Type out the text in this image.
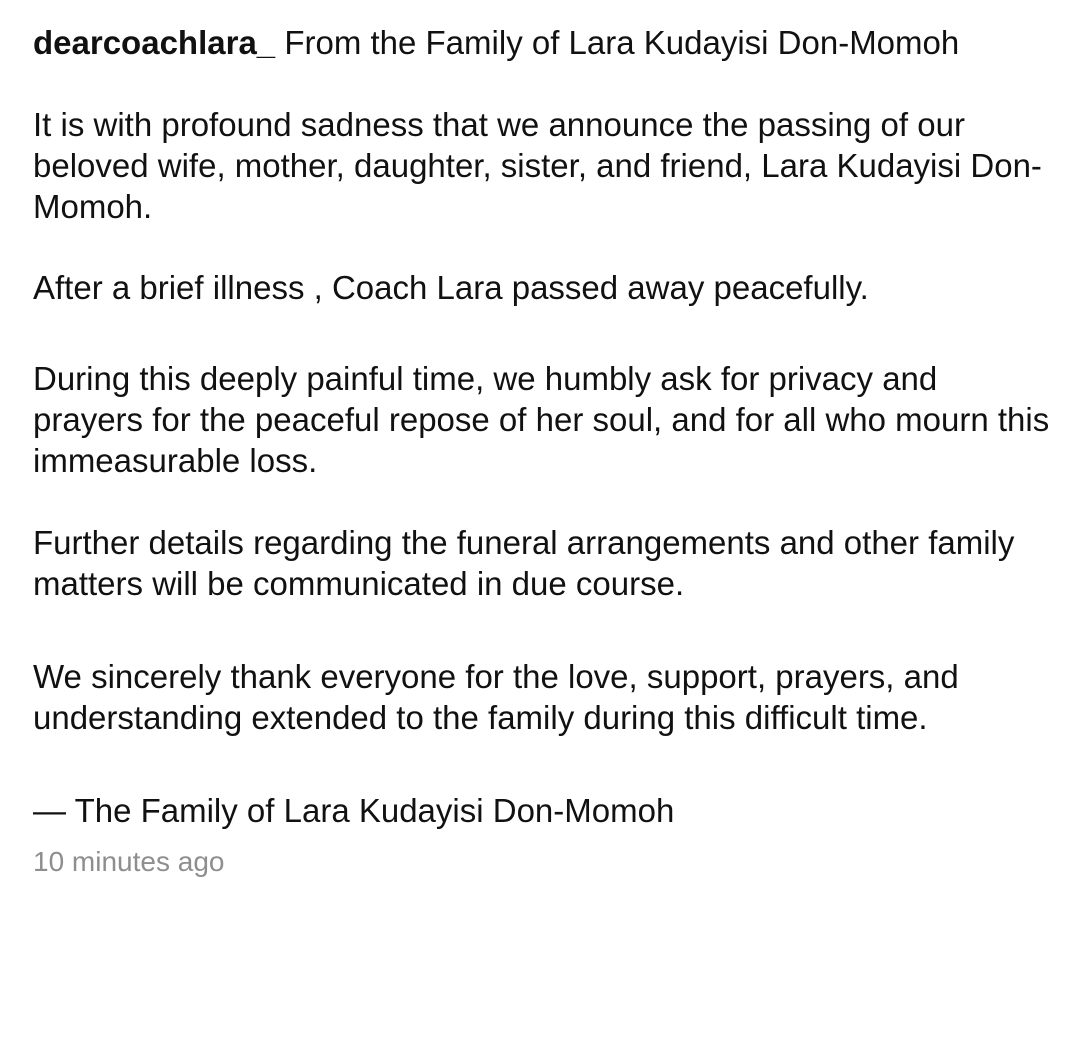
dearcoachlara_ From the Family of Lara Kudayisi Don-Momoh

It is with profound sadness that we announce the passing of our beloved wife, mother, daughter, sister, and friend, Lara Kudayisi Don-Momoh.

After a brief illness , Coach Lara passed away peacefully.

During this deeply painful time, we humbly ask for privacy and prayers for the peaceful repose of her soul, and for all who mourn this immeasurable loss.

Further details regarding the funeral arrangements and other family matters will be communicated in due course.

We sincerely thank everyone for the love, support, prayers, and understanding extended to the family during this difficult time.

— The Family of Lara Kudayisi Don-Momoh

10 minutes ago
